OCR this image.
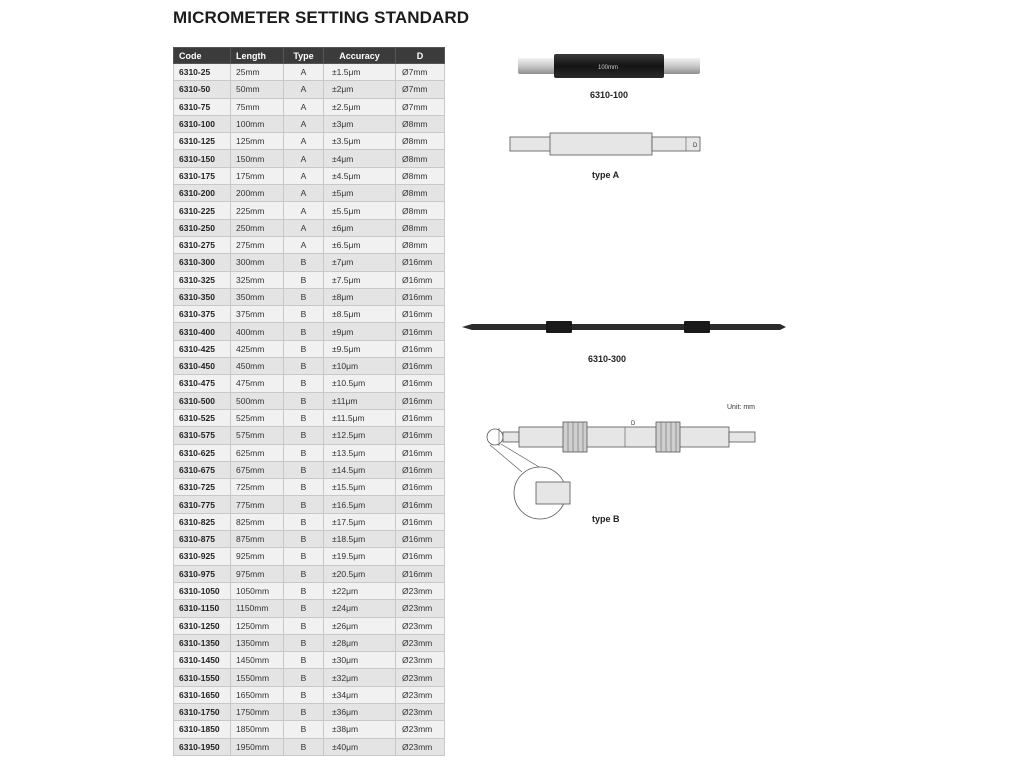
MICROMETER SETTING STANDARD
Code	Length	Type	Accuracy	D
6310-25	25mm	A	±1.5μm	Ø7mm
6310-50	50mm	A	±2μm	Ø7mm
6310-75	75mm	A	±2.5μm	Ø7mm
6310-100	100mm	A	±3μm	Ø8mm
6310-125	125mm	A	±3.5μm	Ø8mm
6310-150	150mm	A	±4μm	Ø8mm
6310-175	175mm	A	±4.5μm	Ø8mm
6310-200	200mm	A	±5μm	Ø8mm
6310-225	225mm	A	±5.5μm	Ø8mm
6310-250	250mm	A	±6μm	Ø8mm
6310-275	275mm	A	±6.5μm	Ø8mm
6310-300	300mm	B	±7μm	Ø16mm
6310-325	325mm	B	±7.5μm	Ø16mm
6310-350	350mm	B	±8μm	Ø16mm
6310-375	375mm	B	±8.5μm	Ø16mm
6310-400	400mm	B	±9μm	Ø16mm
6310-425	425mm	B	±9.5μm	Ø16mm
6310-450	450mm	B	±10μm	Ø16mm
6310-475	475mm	B	±10.5μm	Ø16mm
6310-500	500mm	B	±11μm	Ø16mm
6310-525	525mm	B	±11.5μm	Ø16mm
6310-575	575mm	B	±12.5μm	Ø16mm
6310-625	625mm	B	±13.5μm	Ø16mm
6310-675	675mm	B	±14.5μm	Ø16mm
6310-725	725mm	B	±15.5μm	Ø16mm
6310-775	775mm	B	±16.5μm	Ø16mm
6310-825	825mm	B	±17.5μm	Ø16mm
6310-875	875mm	B	±18.5μm	Ø16mm
6310-925	925mm	B	±19.5μm	Ø16mm
6310-975	975mm	B	±20.5μm	Ø16mm
6310-1050	1050mm	B	±22μm	Ø23mm
6310-1150	1150mm	B	±24μm	Ø23mm
6310-1250	1250mm	B	±26μm	Ø23mm
6310-1350	1350mm	B	±28μm	Ø23mm
6310-1450	1450mm	B	±30μm	Ø23mm
6310-1550	1550mm	B	±32μm	Ø23mm
6310-1650	1650mm	B	±34μm	Ø23mm
6310-1750	1750mm	B	±36μm	Ø23mm
6310-1850	1850mm	B	±38μm	Ø23mm
6310-1950	1950mm	B	±40μm	Ø23mm
100mm
6310-100
D
type A
6310-300
Unit: mm
D
type B
